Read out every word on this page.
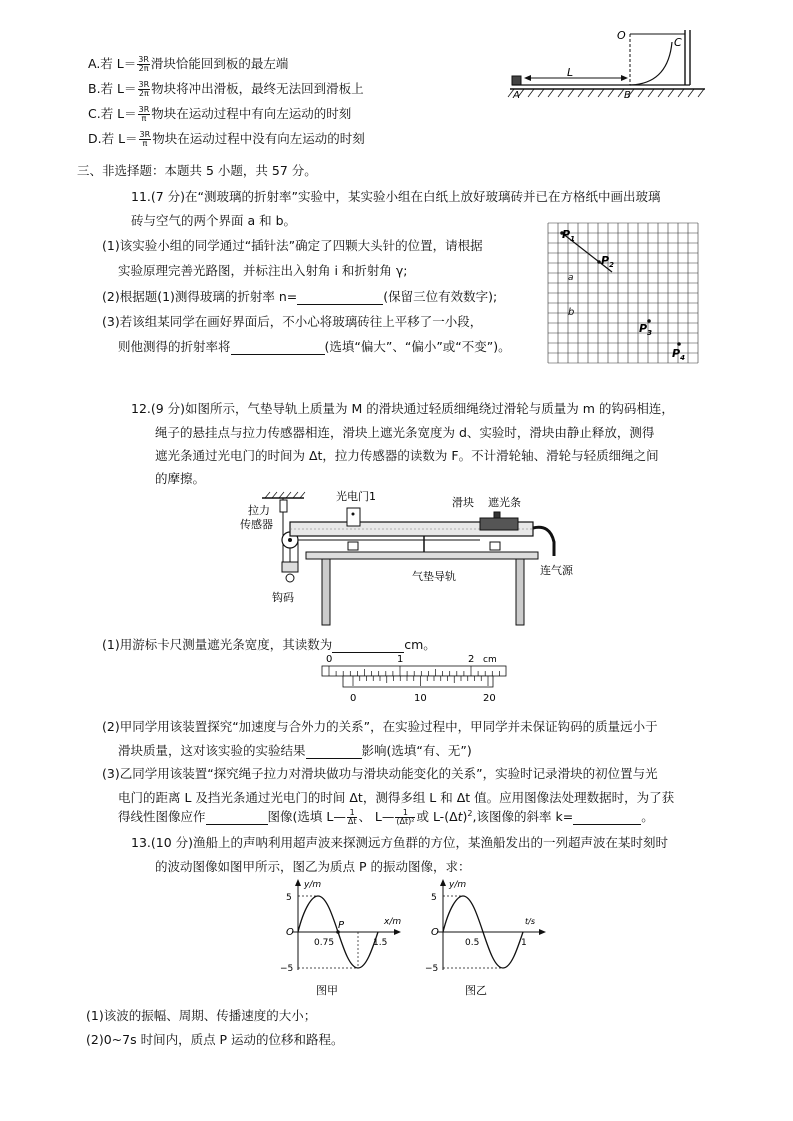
A.若 $L= \frac{3R}{2\pi}$ 滑块恰能回到板的最左端
B.若 $L= \frac{3R}{2\pi}$ 物块将冲出滑板，最终无法回到滑板上
C.若 $L= \frac{3R}{\pi}$ 物块在运动过程中有向左运动的时刻
D.若 $L= \frac{3R}{\pi}$ 物块在运动过程中没有向左运动的时刻
O
C
L
A	B
三、非选择题：本题共 5 小题，共 57 分。
11.(7 分)在“测玻璃的折射率”实验中，某实验小组在白纸上放好玻璃砖并已在方格纸中画出玻璃
砖与空气的两个界面 a 和 b。
(1)该实验小组的同学通过“插针法”确定了四颗大头针的位置，请根据
实验原理完善光路图，并标注出入射角 i 和折射角 γ;
(2)根据题(1)测得玻璃的折射率 n=	(保留三位有效数字);
(3)若该组某同学在画好界面后，不小心将玻璃砖往上平移了一小段，
则他测得的折射率将	(选填“偏大”、“偏小”或“不变”)。
$P_1$
$P_2$
$P_3$
$P_4$
a
b
12.(9 分)如图所示，气垫导轨上质量为 M 的滑块通过轻质细绳绕过滑轮与质量为 m 的钩码相连，
绳子的悬挂点与拉力传感器相连，滑块上遮光条宽度为 d、实验时，滑块由静止释放，测得
遮光条通过光电门的时间为 Δt，拉力传感器的读数为 F。不计滑轮轴、滑轮与轻质细绳之间
的摩擦。
拉力
传感器
光电门1	滑块 遮光条
气垫导轨	连气源
钩码
(1)用游标卡尺测量遮光条宽度，其读数为	cm。
0	1	2 cm
0	10	20
(2)甲同学用该装置探究“加速度与合外力的关系”，在实验过程中，甲同学并未保证钩码的质量远小于
滑块质量，这对该实验的实验结果	影响(选填“有、无”)
(3)乙同学用该装置“探究绳子拉力对滑块做功与滑块动能变化的关系”，实验时记录滑块的初位置与光
电门的距离 L 及挡光条通过光电门的时间 Δt，测得多组 L 和 Δt 值。应用图像法处理数据时，为了获
得线性图像应作	图像(选填 L— $\frac{1}{\Delta t}$ 、 L— $\frac{1}{\text{(Δt)²}}$ 或 $L-(\Delta t)^2$,该图像的斜率 k=	。
13.(10 分)渔船上的声呐利用超声波来探测远方鱼群的方位，某渔船发出的一列超声波在某时刻时
的波动图像如图甲所示，图乙为质点 P 的振动图像，求：
y/m
x/m
5
−5
O
0.75	1.5
P
图甲
y/m
t/s
5
−5
O
0.5	1
图乙
(1)该波的振幅、周期、传播速度的大小；
(2)0~7s 时间内，质点 P 运动的位移和路程。
